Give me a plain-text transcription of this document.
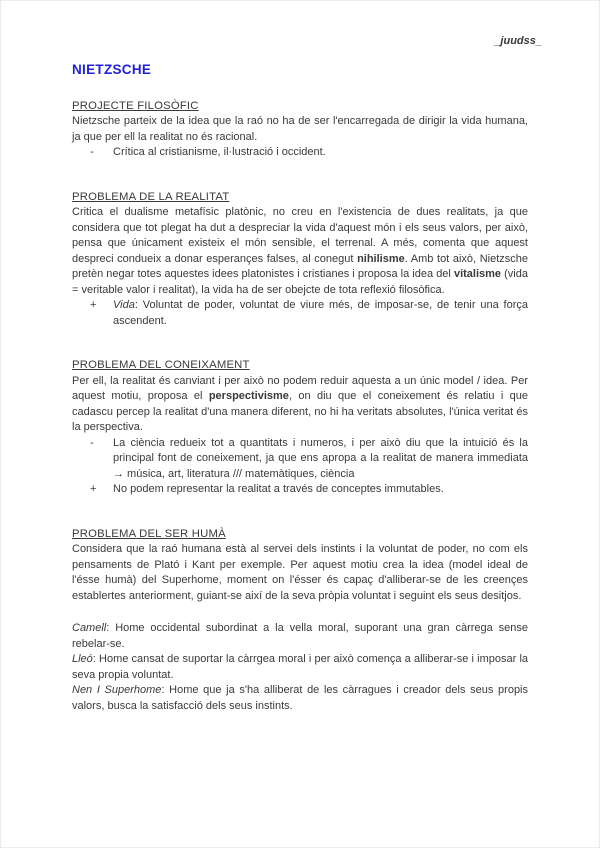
_juudss_
NIETZSCHE
PROJECTE FILOSÒFIC

Nietzsche parteix de la idea que la raó no ha de ser l'encarregada de dirigir la vida humana, ja que per ell la realitat no és racional.

-	Crítica al cristianisme, il·lustració i occident.
PROBLEMA DE LA REALITAT

Critica el dualisme metafísic platònic, no creu en l'existencia de dues realitats, ja que considera que tot plegat ha dut a despreciar la vida d'aquest món i els seus valors, per això, pensa que únicament existeix el món sensible, el terrenal. A més, comenta que aquest despreci condueix a donar esperançes falses, al conegut nihilisme. Amb tot això, Nietzsche pretèn negar totes aquestes idees platonistes i cristianes i proposa la idea del vitalisme (vida = veritable valor i realitat), la vida ha de ser obejcte de tota reflexió filosòfica.

+	Vida: Voluntat de poder, voluntat de viure més, de imposar-se, de tenir una força ascendent.
PROBLEMA DEL CONEIXAMENT

Per ell, la realitat és canviant i per això no podem reduir aquesta a un únic model / idea. Per aquest motiu, proposa el perspectivisme, on diu que el coneixement és relatiu i que cadascu percep la realitat d'una manera diferent, no hi ha veritats absolutes, l'única veritat és la perspectiva.

-	La ciència redueix tot a quantitats i numeros, i per això diu que la intuició és la principal font de coneixement, ja que ens apropa a la realitat de manera immediata → música, art, literatura /// matemàtiques, ciència
+	No podem representar la realitat a través de conceptes immutables.
PROBLEMA DEL SER HUMÀ

Considera que la raó humana està al servei dels instints i la voluntat de poder, no com els pensaments de Plató i Kant per exemple. Per aquest motiu crea la idea (model ideal de l'ésse humà) del Superhome, moment on l'ésser és capaç d'alliberar-se de les creençes establertes anteriorment, guiant-se així de la seva pròpia voluntat i seguint els seus desitjos.

Camell: Home occidental subordinat a la vella moral, suporant una gran càrrega sense rebelar-se.

Lleó: Home cansat de suportar la càrrgea moral i per això comença a alliberar-se i imposar la seva propia voluntat.

Nen I Superhome: Home que ja s'ha alliberat de les càrragues i creador dels seus propis valors, busca la satisfacció dels seus instints.
